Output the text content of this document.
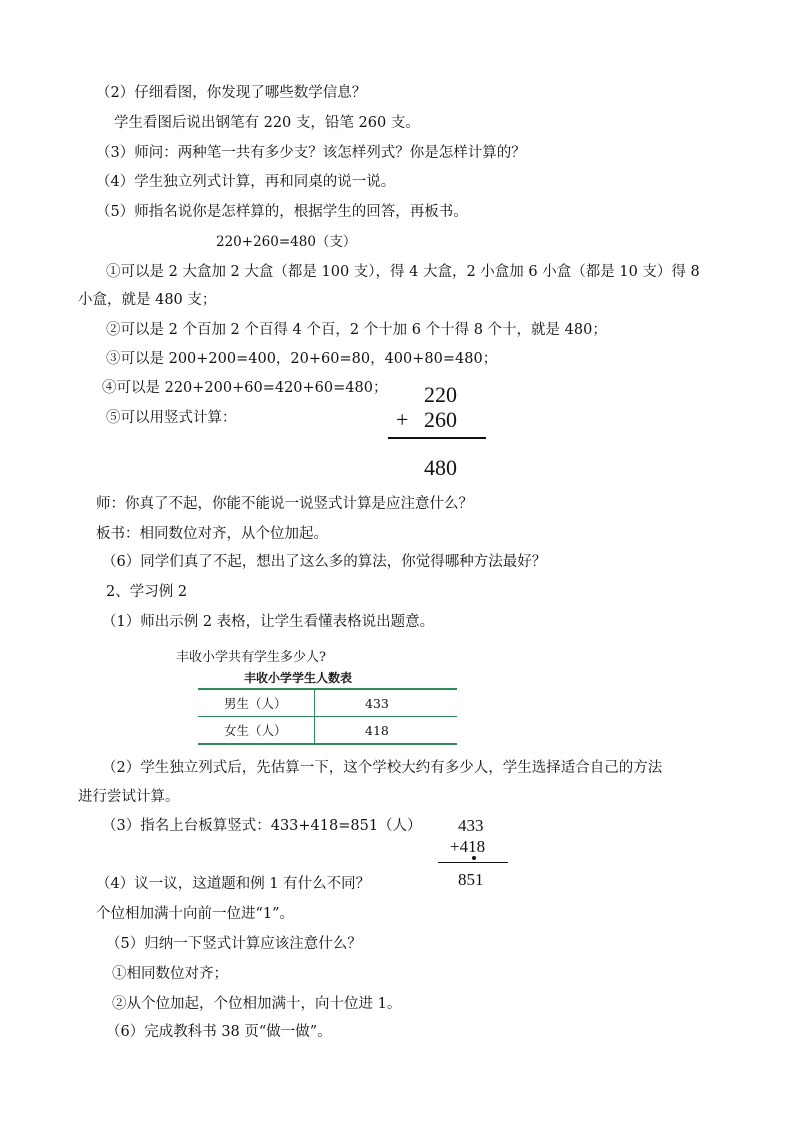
（2）仔细看图，你发现了哪些数学信息？
学生看图后说出钢笔有 220 支，铅笔 260 支。
（3）师问：两种笔一共有多少支？该怎样列式？你是怎样计算的？
（4）学生独立列式计算，再和同桌的说一说。
（5）师指名说你是怎样算的，根据学生的回答，再板书。
220+260=480（支）
①可以是 2 大盒加 2 大盒（都是 100 支），得 4 大盒，2 小盒加 6 小盒（都是 10 支）得 8
小盒，就是 480 支；
②可以是 2 个百加 2 个百得 4 个百，2 个十加 6 个十得 8 个十，就是 480；
③可以是 200+200=400，20+60=80，400+80=480；
④可以是 220+200+60=420+60=480；
⑤可以用竖式计算：
220
+ 260
480
师：你真了不起，你能不能说一说竖式计算是应注意什么？
板书：相同数位对齐，从个位加起。
（6）同学们真了不起，想出了这么多的算法，你觉得哪种方法最好？
2、学习例 2
（1）师出示例 2 表格，让学生看懂表格说出题意。
丰收小学共有学生多少人?
丰收小学学生人数表
男生（人）	433
女生（人）	418
（2）学生独立列式后，先估算一下，这个学校大约有多少人，学生选择适合自己的方法
进行尝试计算。
（3）指名上台板算竖式：433+418=851（人） 433
+418
851
（4）议一议，这道题和例 1 有什么不同？
个位相加满十向前一位进“1”。
（5）归纳一下竖式计算应该注意什么？
①相同数位对齐；
②从个位加起，个位相加满十，向十位进 1。
（6）完成教科书 38 页“做一做”。
